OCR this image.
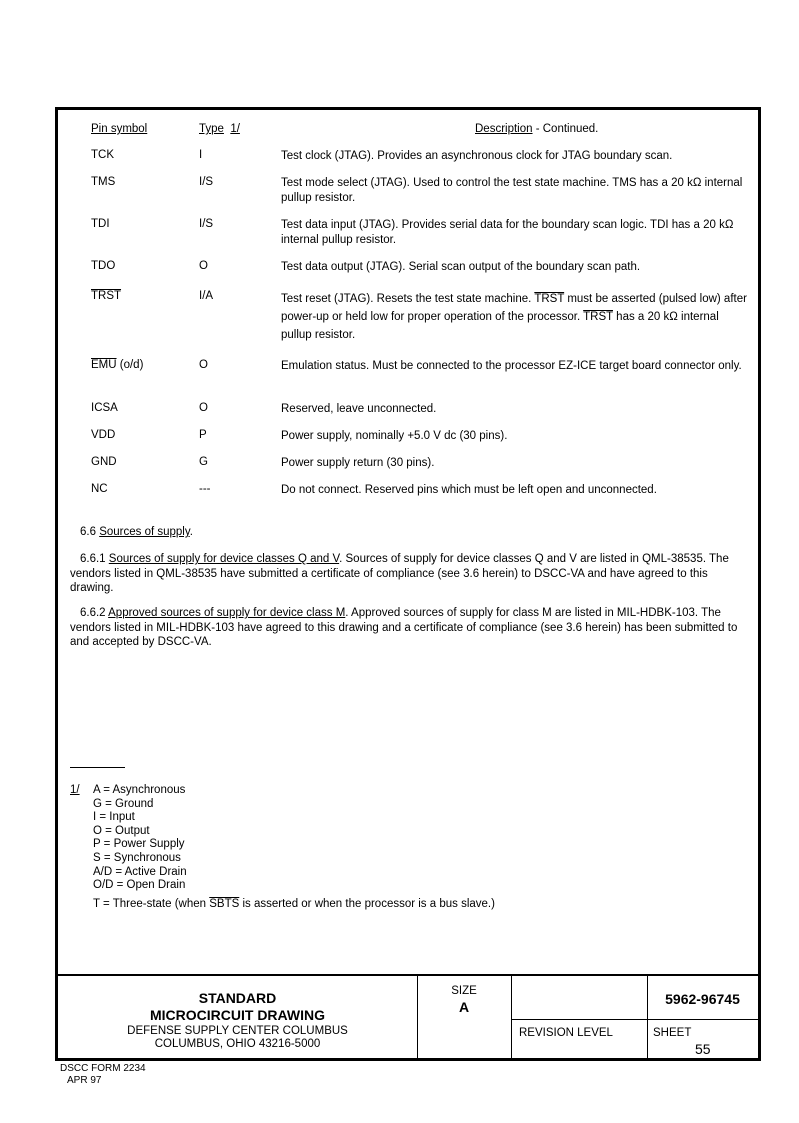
Pin symbol	Type 1/	Description - Continued.
TCK	I	Test clock (JTAG). Provides an asynchronous clock for JTAG boundary scan.
TMS	I/S	Test mode select (JTAG). Used to control the test state machine. TMS has a 20 kΩ internal pullup resistor.
TDI	I/S	Test data input (JTAG). Provides serial data for the boundary scan logic. TDI has a 20 kΩ internal pullup resistor.
TDO	O	Test data output (JTAG). Serial scan output of the boundary scan path.
TRST	I/A	Test reset (JTAG). Resets the test state machine. TRST must be asserted (pulsed low) after power-up or held low for proper operation of the processor. TRST has a 20 kΩ internal pullup resistor.
$\overline{EMU}$ (o/d)	O	Emulation status. Must be connected to the processor EZ-ICE target board connector only.
ICSA	O	Reserved, leave unconnected.
VDD	P	Power supply, nominally +5.0 V dc (30 pins).
GND	G	Power supply return (30 pins).
NC	---	Do not connect. Reserved pins which must be left open and unconnected.
6.6 Sources of supply.
6.6.1 Sources of supply for device classes Q and V. Sources of supply for device classes Q and V are listed in QML-38535. The vendors listed in QML-38535 have submitted a certificate of compliance (see 3.6 herein) to DSCC-VA and have agreed to this drawing.
6.6.2 Approved sources of supply for device class M. Approved sources of supply for class M are listed in MIL-HDBK-103. The vendors listed in MIL-HDBK-103 have agreed to this drawing and a certificate of compliance (see 3.6 herein) has been submitted to and accepted by DSCC-VA.
1/ A = Asynchronous
G = Ground
I = Input
O = Output
P = Power Supply
S = Synchronous
A/D = Active Drain
O/D = Open Drain
T = Three-state (when SBTS is asserted or when the processor is a bus slave.)
STANDARD
MICROCIRCUIT DRAWING
DEFENSE SUPPLY CENTER COLUMBUS
COLUMBUS, OHIO 43216-5000
SIZE
A	5962-96745
REVISION LEVEL	SHEET
55
DSCC FORM 2234
APR 97
